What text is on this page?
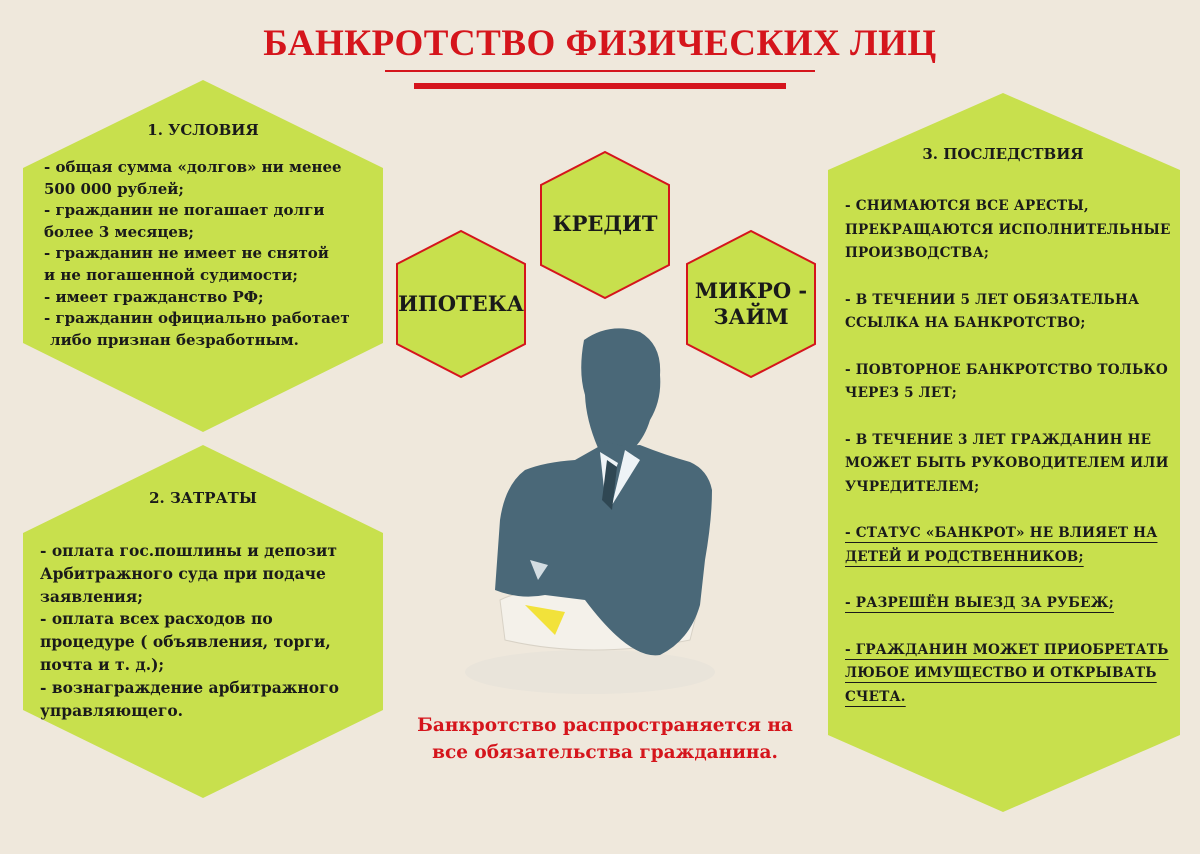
БАНКРОТСТВО ФИЗИЧЕСКИХ ЛИЦ
1. УСЛОВИЯ
- общая сумма «долгов» ни менее
500 000 рублей;
- гражданин не погашает долги
более 3 месяцев;
- гражданин не имеет не снятой
и не погашенной судимости;
- имеет гражданство РФ;
- гражданин официально работает
либо признан безработным.
2. ЗАТРАТЫ
- оплата гос.пошлины и депозит
Арбитражного суда при подаче
заявления;
- оплата всех расходов по
процедуре ( объявления, торги,
почта и т. д.);
- вознаграждение арбитражного
управляющего.
3. ПОСЛЕДСТВИЯ
- СНИМАЮТСЯ ВСЕ АРЕСТЫ,
ПРЕКРАЩАЮТСЯ ИСПОЛНИТЕЛЬНЫЕ
ПРОИЗВОДСТВА;
- В ТЕЧЕНИИ 5 ЛЕТ ОБЯЗАТЕЛЬНА
ССЫЛКА НА БАНКРОТСТВО;
- ПОВТОРНОЕ БАНКРОТСТВО ТОЛЬКО
ЧЕРЕЗ 5 ЛЕТ;
- В ТЕЧЕНИЕ 3 ЛЕТ ГРАЖДАНИН НЕ
МОЖЕТ БЫТЬ РУКОВОДИТЕЛЕМ ИЛИ
УЧРЕДИТЕЛЕМ;
- СТАТУС «БАНКРОТ» НЕ ВЛИЯЕТ НА
ДЕТЕЙ И РОДСТВЕННИКОВ;
- РАЗРЕШЁН ВЫЕЗД ЗА РУБЕЖ;
- ГРАЖДАНИН МОЖЕТ ПРИОБРЕТАТЬ
ЛЮБОЕ ИМУЩЕСТВО И ОТКРЫВАТЬ
СЧЕТА.
КРЕДИТ
ИПОТЕКА
МИКРО -
ЗАЙМ
Банкротство распространяется на
все обязательства гражданина.
